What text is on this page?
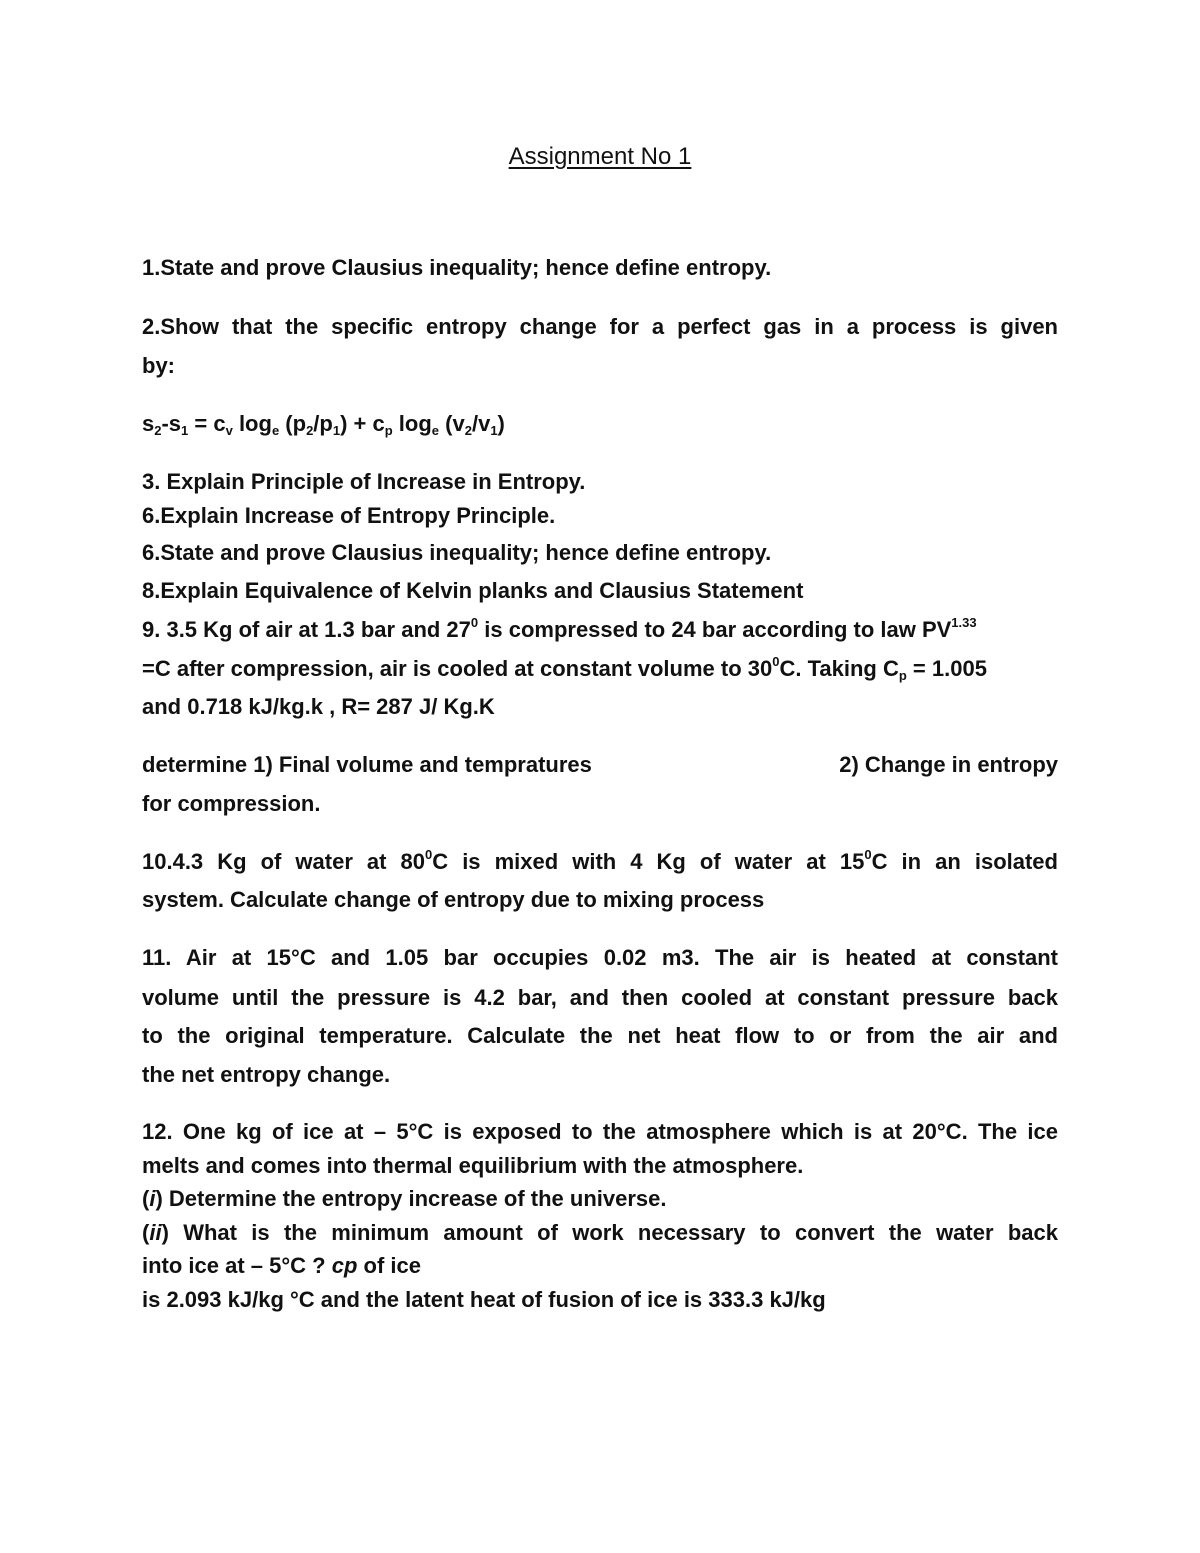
Assignment No 1
1.State and prove Clausius inequality; hence define entropy.
2.Show that the specific entropy change for a perfect gas in a process is given
by:
$s_2-s_1 = c_v$ $\log_e (p_2/p_1) + c_p$ $\log_e (v_2/v_1)$
3. Explain Principle of Increase in Entropy.
6.Explain Increase of Entropy Principle.
6.State and prove Clausius inequality; hence define entropy.
8.Explain Equivalence of Kelvin planks and Clausius Statement
9. 3.5 Kg of air at 1.3 bar and $27^0$ is compressed to 24 bar according to law $PV^{1.33}$
=C after compression, air is cooled at constant volume to $30^0C$. Taking $C_p = 1.005$
and 0.718 kJ/kg.k , R= 287 J/ Kg.K
determine 1) Final volume and tempratures	2) Change in entropy
for compression.
10.4.3 Kg of water at $80^0C$ is mixed with 4 Kg of water at $15^0C$ in an isolated
system. Calculate change of entropy due to mixing process
11. Air at 15°C and 1.05 bar occupies 0.02 m3. The air is heated at constant
volume until the pressure is 4.2 bar, and then cooled at constant pressure back
to the original temperature. Calculate the net heat flow to or from the air and
the net entropy change.
12. One kg of ice at – 5°C is exposed to the atmosphere which is at 20°C. The ice
melts and comes into thermal equilibrium with the atmosphere.
(i) Determine the entropy increase of the universe.
(ii) What is the minimum amount of work necessary to convert the water back
into ice at – 5°C ? cp of ice
is 2.093 kJ/kg °C and the latent heat of fusion of ice is 333.3 kJ/kg
